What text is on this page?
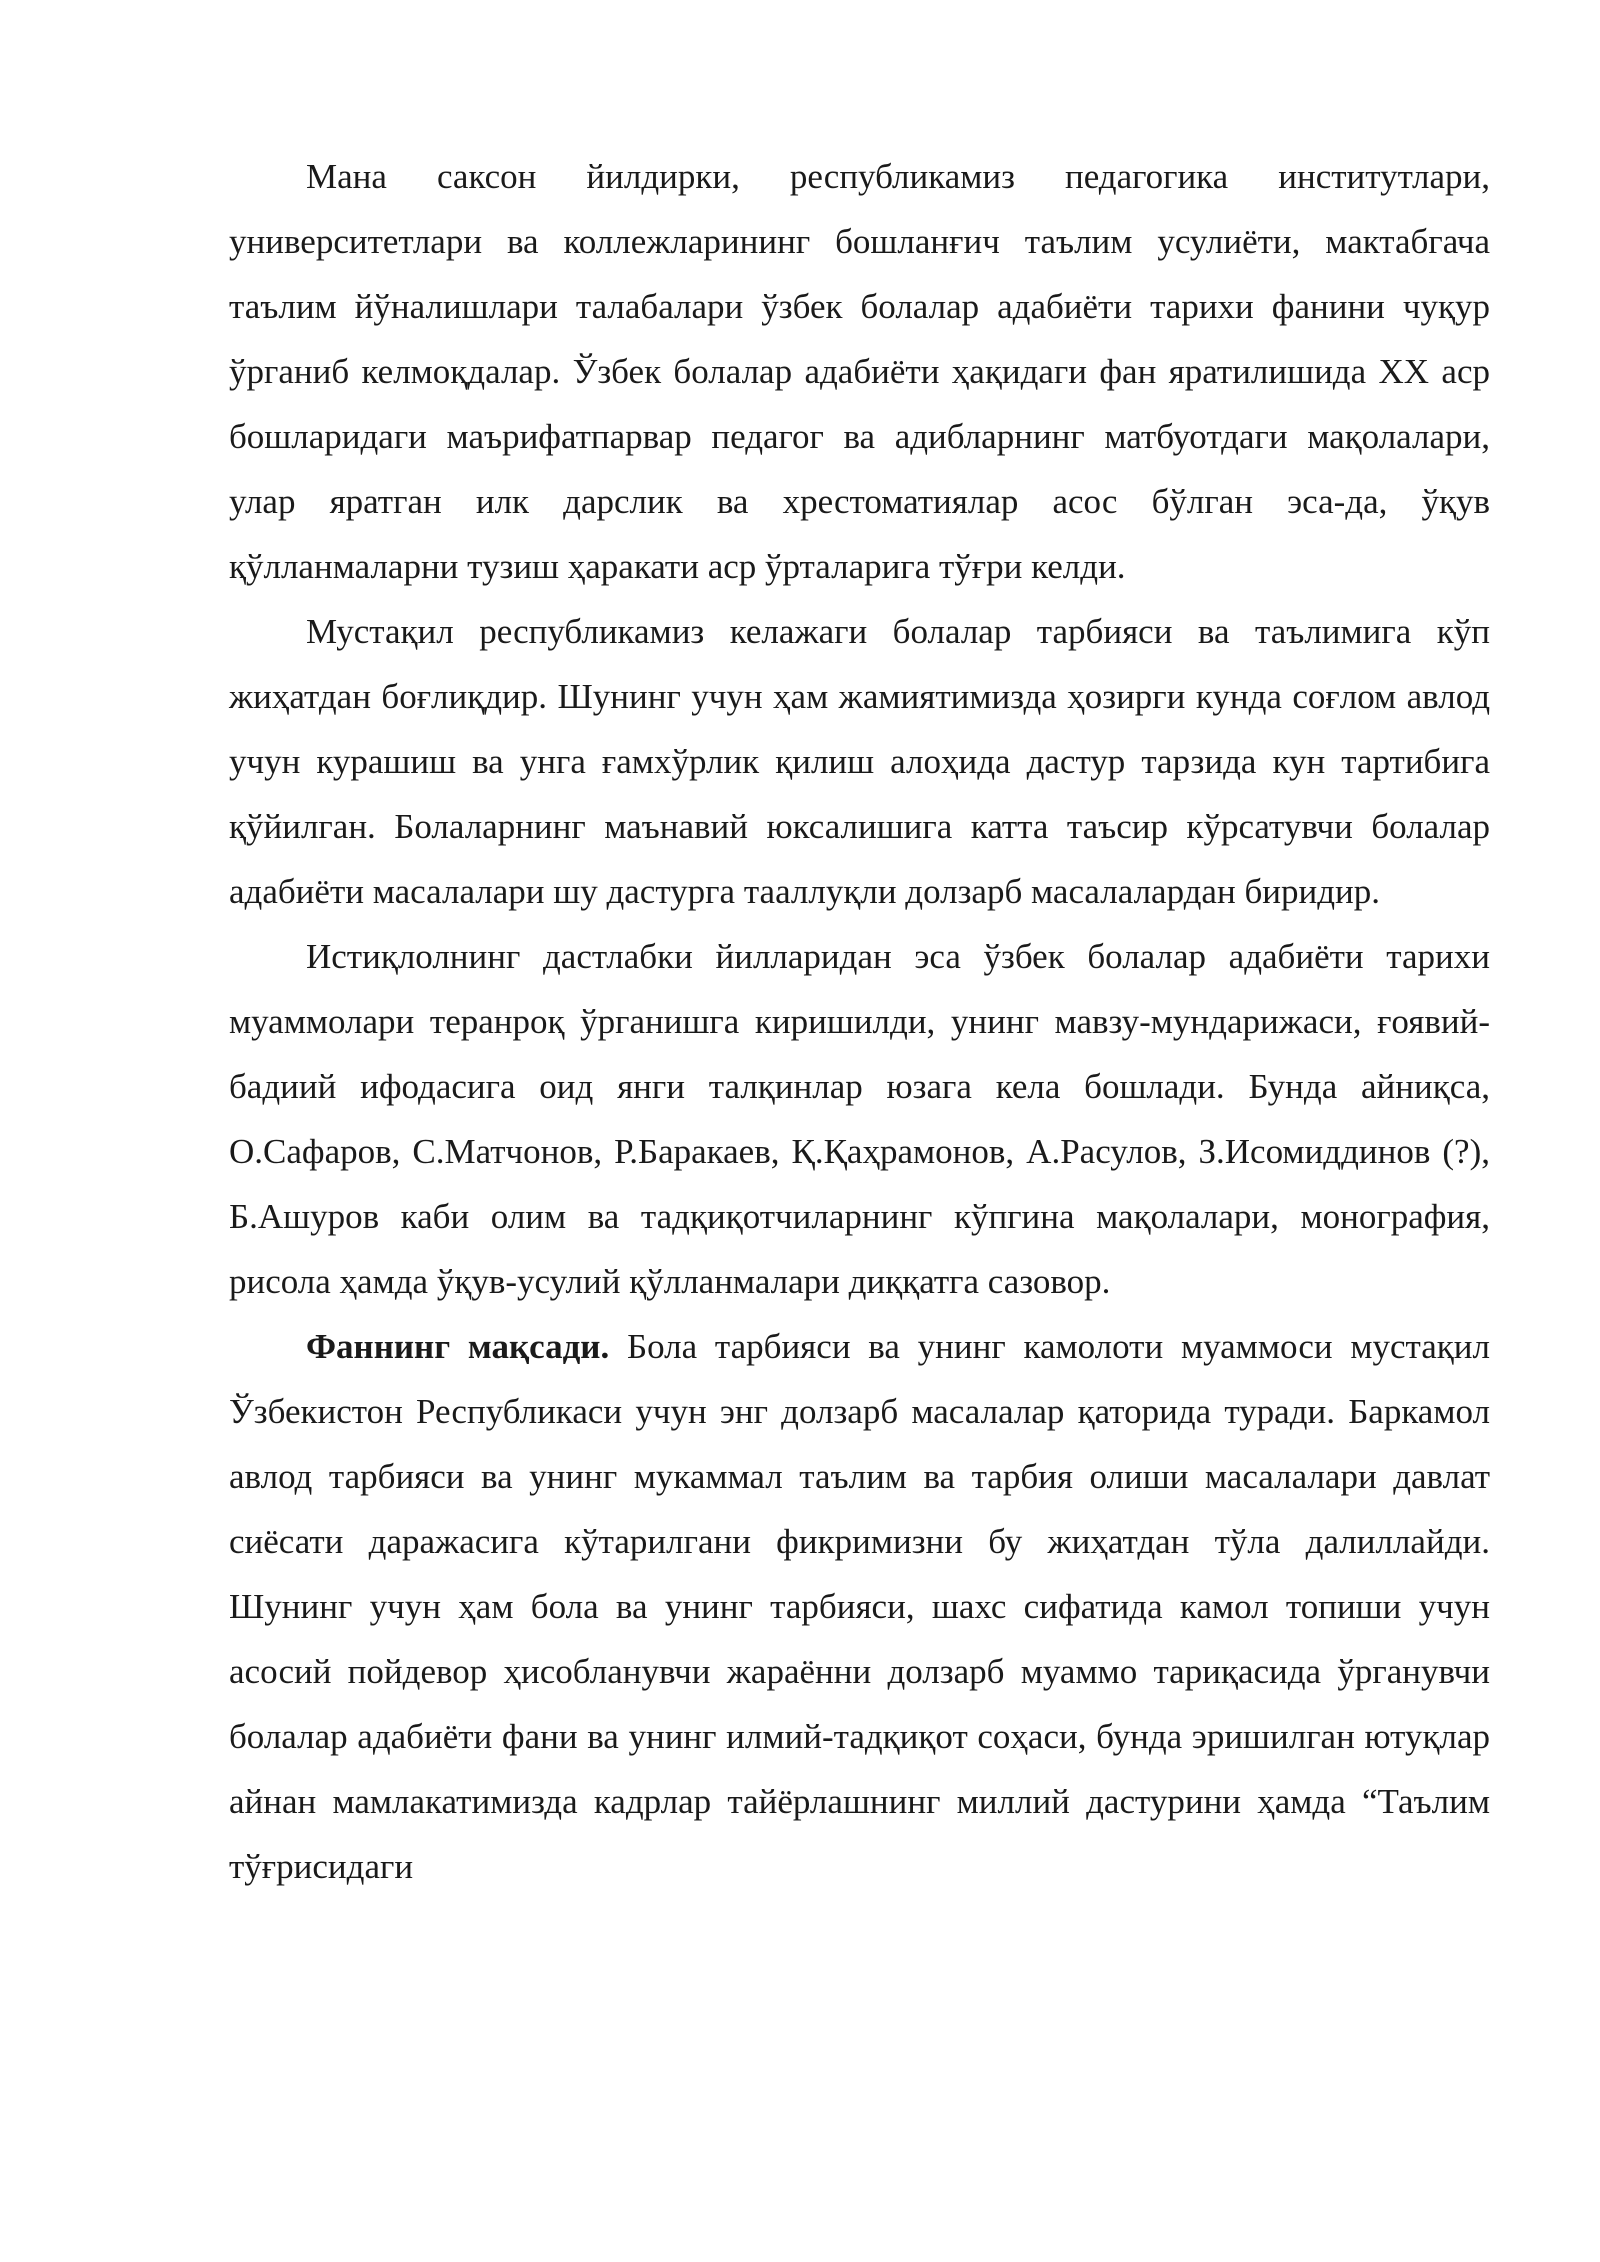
Мана саксон йилдирки, республикамиз педагогика институтлари, университетлари ва коллежларининг бошланғич таълим усулиёти, мактабгача таълим йўналишлари талабалари ўзбек болалар адабиёти тарихи фанини чуқур ўрганиб келмоқдалар. Ўзбек болалар адабиёти ҳақидаги фан яратилишида ХХ аср бошларидаги маърифатпарвар педагог ва адибларнинг матбуотдаги мақолалари, улар яратган илк дарслик ва хрестоматиялар асос бўлган эса-да, ўқув қўлланмаларни тузиш ҳаракати аср ўрталарига тўғри келди.

Мустақил республикамиз келажаги болалар тарбияси ва таълимига кўп жиҳатдан боғлиқдир. Шунинг учун ҳам жамиятимизда ҳозирги кунда соғлом авлод учун курашиш ва унга ғамхўрлик қилиш алоҳида дастур тарзида кун тартибига қўйилган. Болаларнинг маънавий юксалишига катта таъсир кўрсатувчи болалар адабиёти масалалари шу дастурга тааллуқли долзарб масалалардан биридир.

Истиқлолнинг дастлабки йилларидан эса ўзбек болалар адабиёти тарихи муаммолари теранроқ ўрганишга киришилди, унинг мавзу-мундарижаси, ғоявий-бадиий ифодасига оид янги талқинлар юзага кела бошлади. Бунда айниқса, О.Сафаров, С.Матчонов, Р.Баракаев, Қ.Қаҳрамонов, А.Расулов, З.Исомиддинов (?), Б.Ашуров каби олим ва тадқиқотчиларнинг кўпгина мақолалари, монография, рисола ҳамда ўқув-усулий қўлланмалари диққатга сазовор.

Фаннинг мақсади. Бола тарбияси ва унинг камолоти муаммоси мустақил Ўзбекистон Республикаси учун энг долзарб масалалар қаторида туради. Баркамол авлод тарбияси ва унинг мукаммал таълим ва тарбия олиши масалалари давлат сиёсати даражасига кўтарилгани фикримизни бу жиҳатдан тўла далиллайди. Шунинг учун ҳам бола ва унинг тарбияси, шахс сифатида камол топиши учун асосий пойдевор ҳисобланувчи жараённи долзарб муаммо тариқасида ўрганувчи болалар адабиёти фани ва унинг илмий-тадқиқот соҳаси, бунда эришилган ютуқлар айнан мамлакатимизда кадрлар тайёрлашнинг миллий дастурини ҳамда “Таълим тўғрисидаги
